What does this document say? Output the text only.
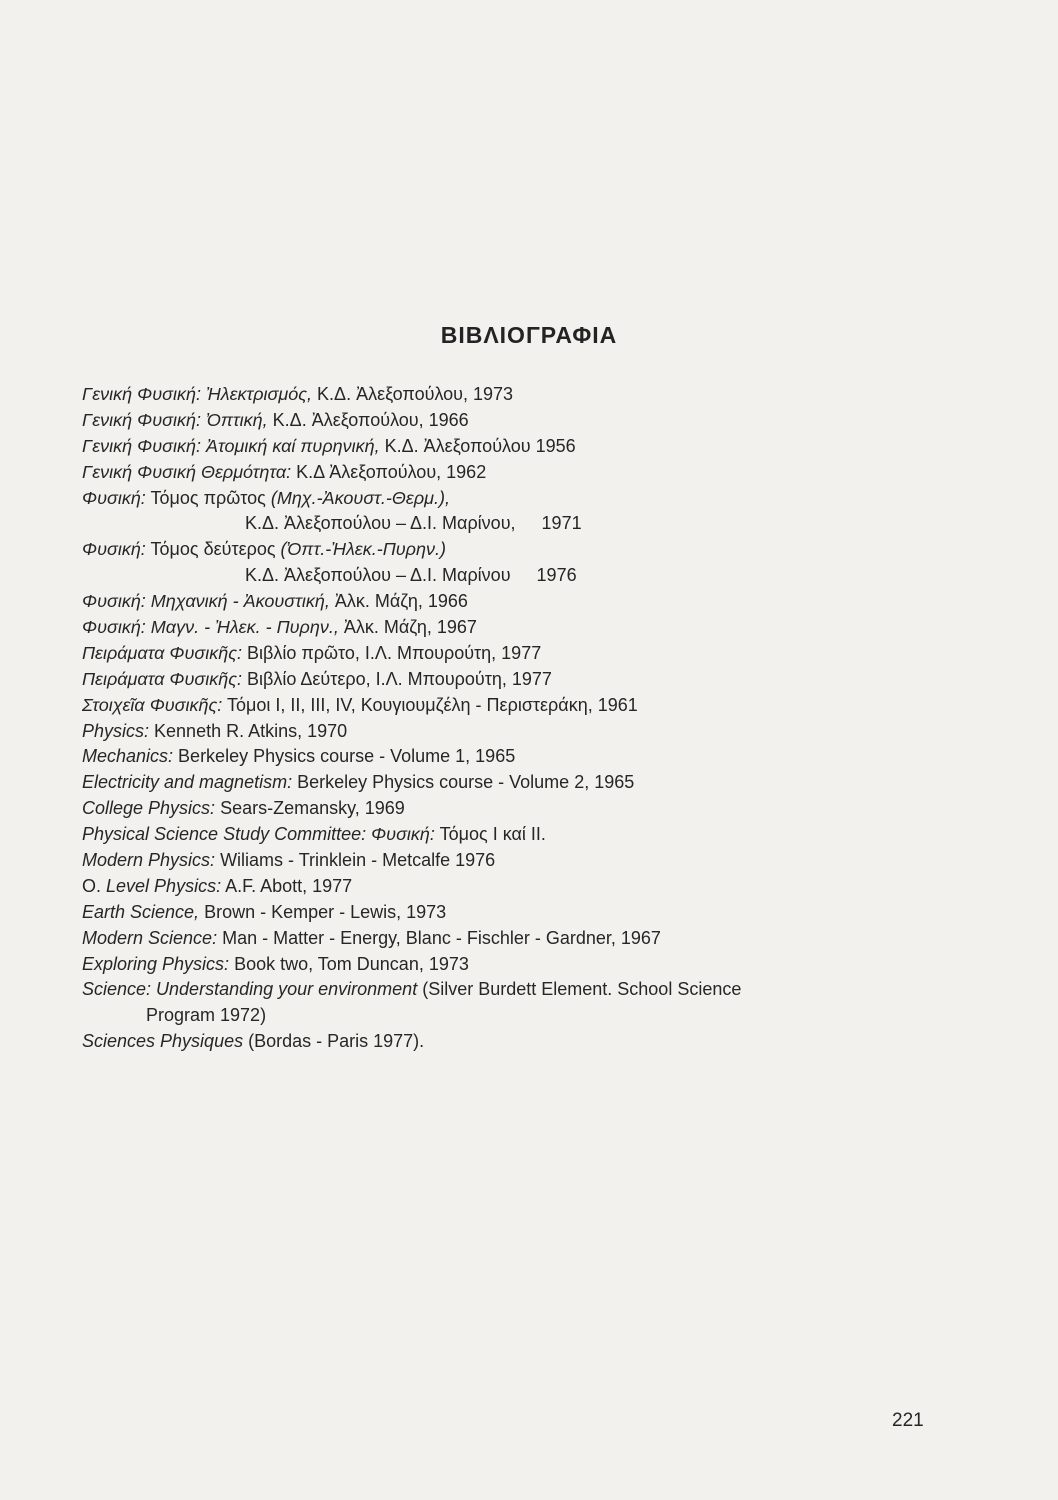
ΒΙΒΛΙΟΓΡΑΦΙΑ
Γενική Φυσική: Ἠλεκτρισμός, Κ.Δ. Ἀλεξοπούλου, 1973
Γενική Φυσική: Ὀπτική, Κ.Δ. Ἀλεξοπούλου, 1966
Γενική Φυσική: Ἀτομική καί πυρηνική, Κ.Δ. Ἀλεξοπούλου 1956
Γενική Φυσική Θερμότητα: Κ.Δ Ἀλεξοπούλου, 1962
Φυσική: Τόμος πρῶτος (Μηχ.-Ἀκουστ.-Θερμ.),
Κ.Δ. Ἀλεξοπούλου – Δ.Ι. Μαρίνου, 1971
Φυσική: Τόμος δεύτερος (Ὀπτ.-Ἠλεκ.-Πυρην.)
Κ.Δ. Ἀλεξοπούλου – Δ.Ι. Μαρίνου 1976
Φυσική: Μηχανική - Ἀκουστική, Ἀλκ. Μάζη, 1966
Φυσική: Μαγν. - Ἠλεκ. - Πυρην., Ἀλκ. Μάζη, 1967
Πειράματα Φυσικῆς: Βιβλίο πρῶτο, Ι.Λ. Μπουρούτη, 1977
Πειράματα Φυσικῆς: Βιβλίο Δεύτερο, Ι.Λ. Μπουρούτη, 1977
Στοιχεῖα Φυσικῆς: Τόμοι Ι, ΙΙ, ΙΙΙ, IV, Κουγιουμζέλη - Περιστεράκη, 1961
Physics: Kenneth R. Atkins, 1970
Mechanics: Berkeley Physics course - Volume 1, 1965
Electricity and magnetism: Berkeley Physics course - Volume 2, 1965
College Physics: Sears-Zemansky, 1969
Physical Science Study Committee: Φυσική: Τόμος Ι καί ΙΙ.
Modern Physics: Wiliams - Trinklein - Metcalfe 1976
O. Level Physics: A.F. Abott, 1977
Earth Science, Brown - Kemper - Lewis, 1973
Modern Science: Man - Matter - Energy, Blanc - Fischler - Gardner, 1967
Exploring Physics: Book two, Tom Duncan, 1973
Science: Understanding your environment (Silver Burdett Element. School Science
Program 1972)
Sciences Physiques (Bordas - Paris 1977).
221
